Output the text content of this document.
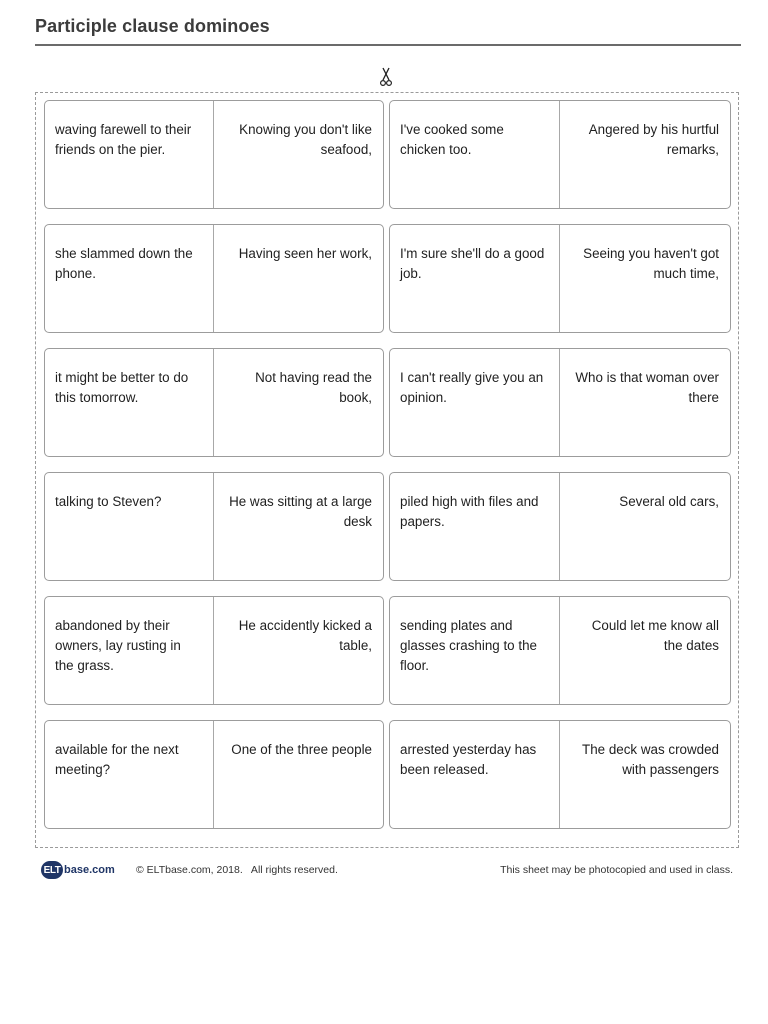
Participle clause dominoes
waving farewell to their friends on the pier.
Knowing you don't like seafood,
I've cooked some chicken too.
Angered by his hurtful remarks,
she slammed down the phone.
Having seen her work,	I'm sure she'll do a good job.
Seeing you haven't got much time,
it might be better to do this tomorrow.
Not having read the book,
I can't really give you an opinion.
Who is that woman over there
talking to Steven?	He was sitting at a large desk
piled high with files and papers.
Several old cars,
abandoned by their owners, lay rusting in the grass.
He accidently kicked a table,
sending plates and glasses crashing to the floor.
Could let me know all the dates
available for the next meeting?
One of the three people	arrested yesterday has been released.
The deck was crowded with passengers
ELT base.com © ELTbase.com, 2018.   All rights reserved.	This sheet may be photocopied and used in class.
